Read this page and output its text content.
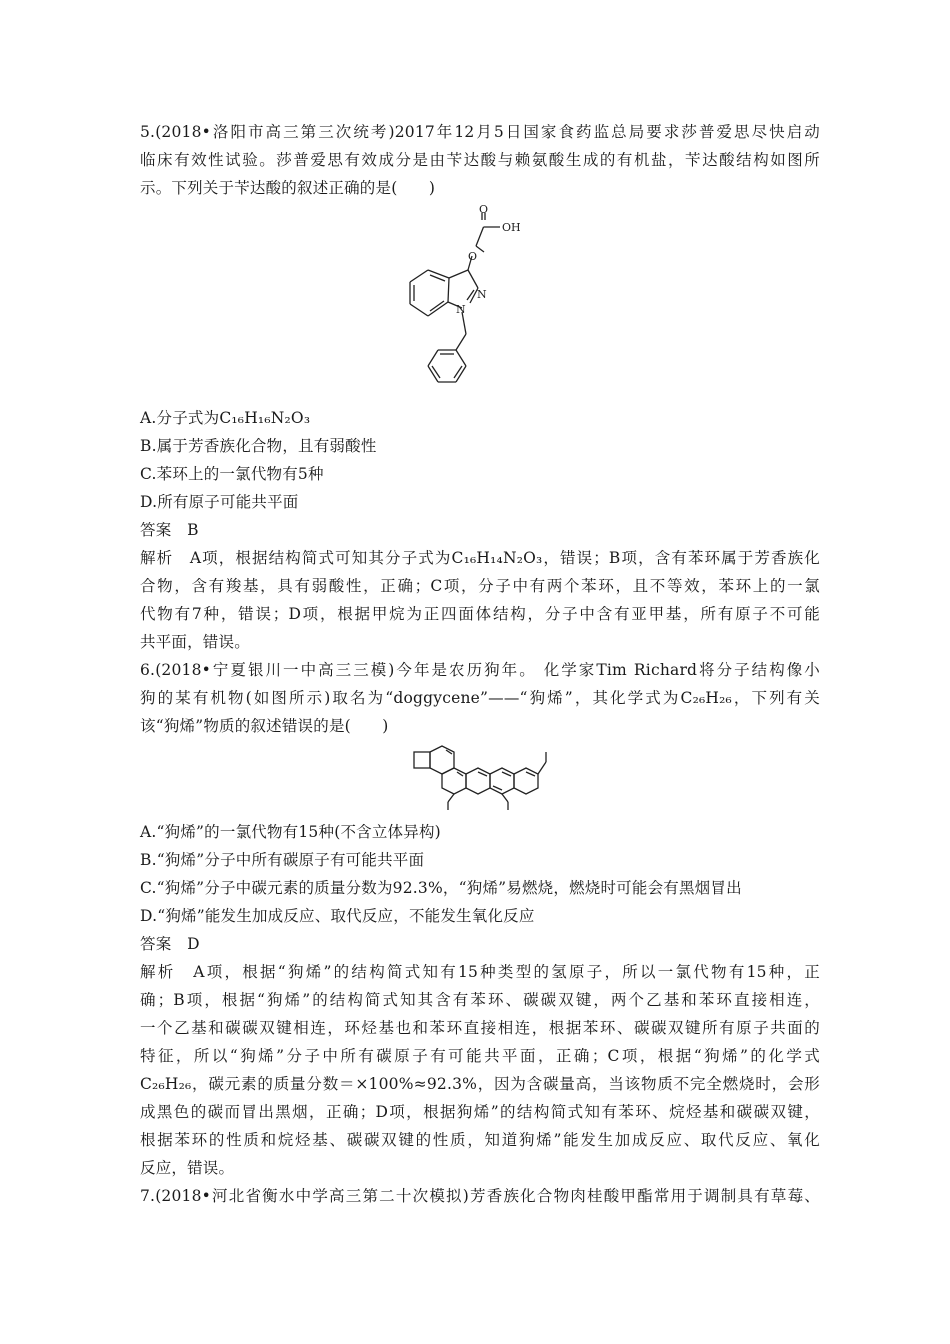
5.(2018•洛阳市高三第三次统考)2017年12月5日国家食药监总局要求莎普爱思尽快启动
临床有效性试验。莎普爱思有效成分是由苄达酸与赖氨酸生成的有机盐，苄达酸结构如图所
示。下列关于苄达酸的叙述正确的是(　　)
O
OH
O
N
N
A.分子式为C₁₆H₁₆N₂O₃
B.属于芳香族化合物，且有弱酸性
C.苯环上的一氯代物有5种
D.所有原子可能共平面
答案　B
解析　A项，根据结构简式可知其分子式为C₁₆H₁₄N₂O₃，错误；B项，含有苯环属于芳香族化
合物，含有羧基，具有弱酸性，正确；C项，分子中有两个苯环，且不等效，苯环上的一氯
代物有7种，错误；D项，根据甲烷为正四面体结构，分子中含有亚甲基，所有原子不可能
共平面，错误。
6.(2018•宁夏银川一中高三三模)今年是农历狗年。 化学家Tim Richard将分子结构像小
狗的某有机物(如图所示)取名为“doggycene”——“狗烯”，其化学式为C₂₆H₂₆，下列有关
该“狗烯”物质的叙述错误的是(　　)
A.“狗烯”的一氯代物有15种(不含立体异构)
B.“狗烯”分子中所有碳原子有可能共平面
C.“狗烯”分子中碳元素的质量分数为92.3%，“狗烯”易燃烧，燃烧时可能会有黑烟冒出
D.“狗烯”能发生加成反应、取代反应，不能发生氧化反应
答案　D
解析　A项，根据“狗烯”的结构简式知有15种类型的氢原子，所以一氯代物有15种，正
确；B项，根据“狗烯”的结构简式知其含有苯环、碳碳双键，两个乙基和苯环直接相连，
一个乙基和碳碳双键相连，环烃基也和苯环直接相连，根据苯环、碳碳双键所有原子共面的
特征，所以“狗烯”分子中所有碳原子有可能共平面，正确；C项，根据“狗烯”的化学式
C₂₆H₂₆，碳元素的质量分数＝×100%≈92.3%，因为含碳量高，当该物质不完全燃烧时，会形
成黑色的碳而冒出黑烟，正确；D项，根据狗烯”的结构简式知有苯环、烷烃基和碳碳双键，
根据苯环的性质和烷烃基、碳碳双键的性质，知道狗烯”能发生加成反应、取代反应、氧化
反应，错误。
7.(2018•河北省衡水中学高三第二十次模拟)芳香族化合物肉桂酸甲酯常用于调制具有草莓、
